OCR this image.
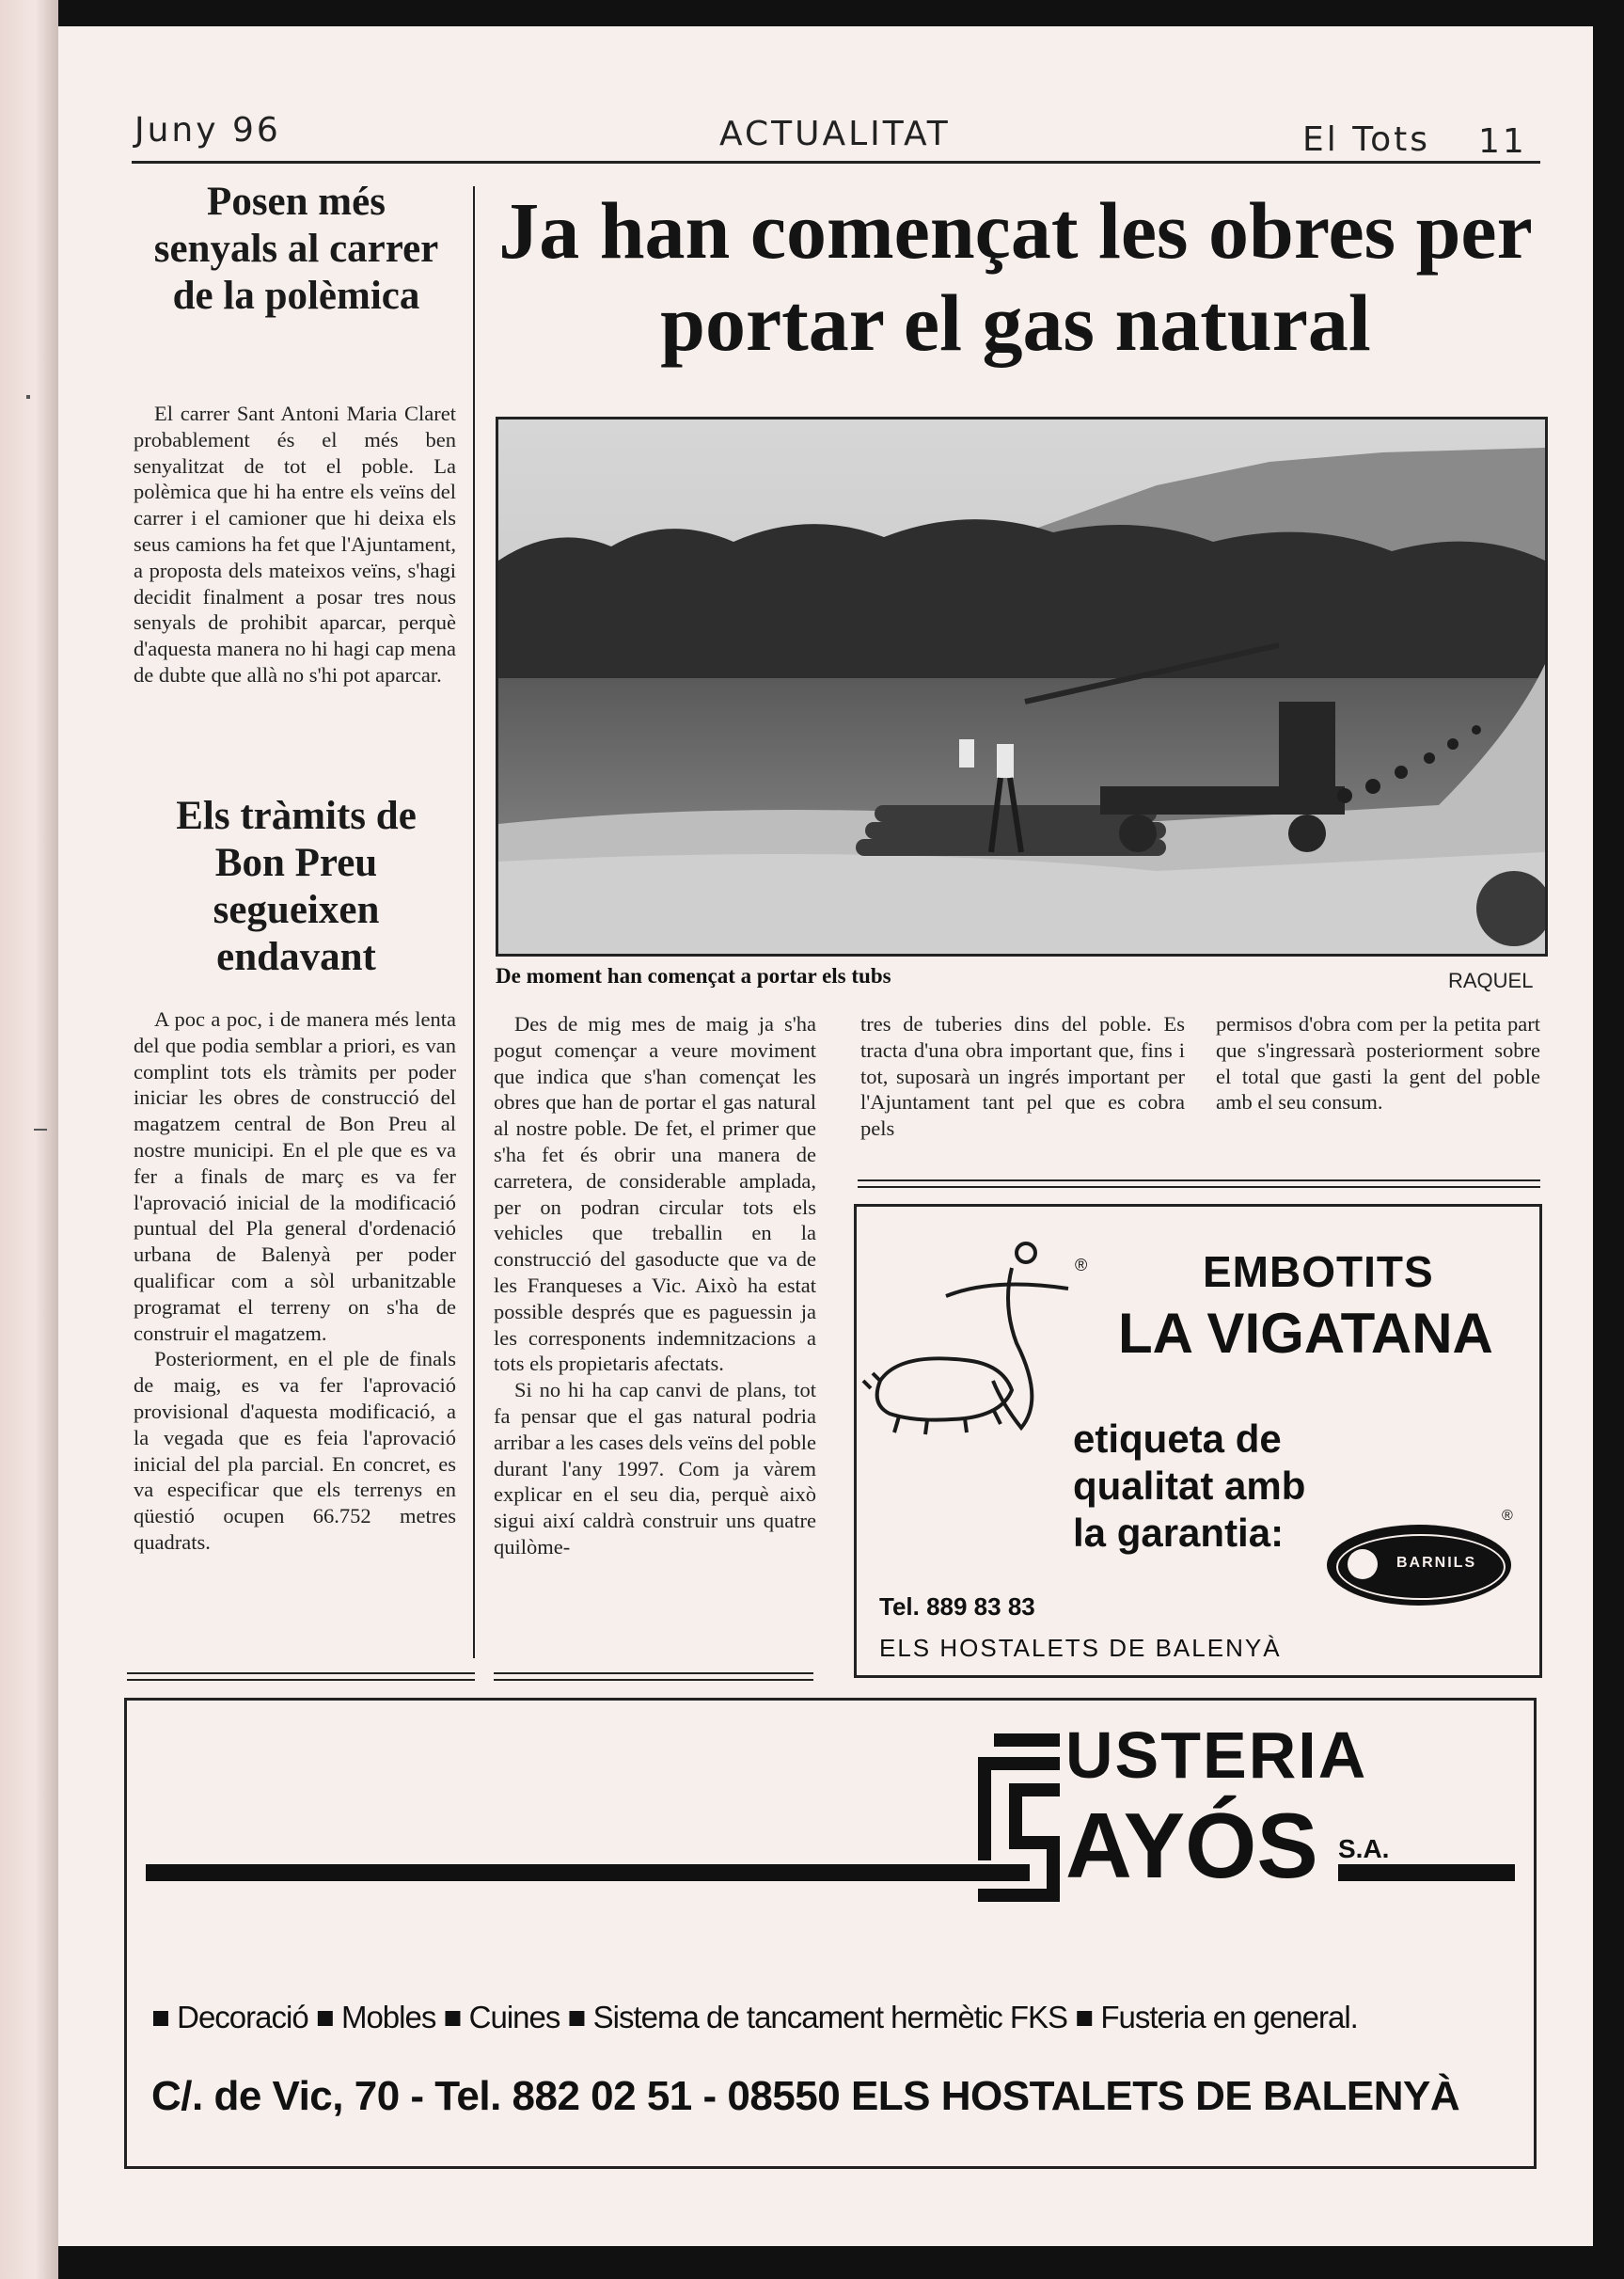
Juny 96	ACTUALITAT	El Tots 11
Posen més senyals al carrer de la polèmica

El carrer Sant Antoni Maria Claret probablement és el més ben senyalitzat de tot el poble. La polèmica que hi ha entre els veïns del carrer i el camioner que hi deixa els seus camions ha fet que l'Ajuntament, a proposta dels mateixos veïns, s'hagi decidit finalment a posar tres nous senyals de prohibit aparcar, perquè d'aquesta manera no hi hagi cap mena de dubte que allà no s'hi pot aparcar.

Els tràmits de Bon Preu segueixen endavant

A poc a poc, i de manera més lenta del que podia semblar a priori, es van complint tots els tràmits per poder iniciar les obres de construcció del magatzem central de Bon Preu al nostre municipi. En el ple que es va fer a finals de març es va fer l'aprovació inicial de la modificació puntual del Pla general d'ordenació urbana de Balenyà per poder qualificar com a sòl urbanitzable programat el terreny on s'ha de construir el magatzem.

Posteriorment, en el ple de finals de maig, es va fer l'aprovació provisional d'aquesta modificació, a la vegada que es feia l'aprovació inicial del pla parcial. En concret, es va especificar que els terrenys en qüestió ocupen 66.752 metres quadrats.

Ja han començat les obres per portar el gas natural
De moment han començat a portar els tubs	RAQUEL

Des de mig mes de maig ja s'ha pogut començar a veure moviment que indica que s'han començat les obres que han de portar el gas natural al nostre poble. De fet, el primer que s'ha fet és obrir una manera de carretera, de considerable amplada, per on podran circular tots els vehicles que treballin en la construcció del gasoducte que va de les Franqueses a Vic. Això ha estat possible després que es paguessin ja les corresponents indemnitzacions a tots els propietaris afectats.

Si no hi ha cap canvi de plans, tot fa pensar que el gas natural podria arribar a les cases dels veïns del poble durant l'any 1997. Com ja vàrem explicar en el seu dia, perquè això sigui així caldrà construir uns quatre quilòme-

tres de tuberies dins del poble. Es tracta d'una obra important que, fins i tot, suposarà un ingrés important per l'Ajuntament tant pel que es cobra pels

permisos d'obra com per la petita part que s'ingressarà posteriorment sobre el total que gasti la gent del poble amb el seu consum.

®	EMBOTITS
LA VIGATANA
etiqueta de
qualitat amb
la garantia:	®
BARNILS
Tel. 889 83 83
ELS HOSTALETS DE BALENYÀ
USTERIA
AYÓS S.A.
■ Decoració ■ Mobles ■ Cuines ■ Sistema de tancament hermètic FKS ■ Fusteria en general.
C/. de Vic, 70 - Tel. 882 02 51 - 08550 ELS HOSTALETS DE BALENYÀ
